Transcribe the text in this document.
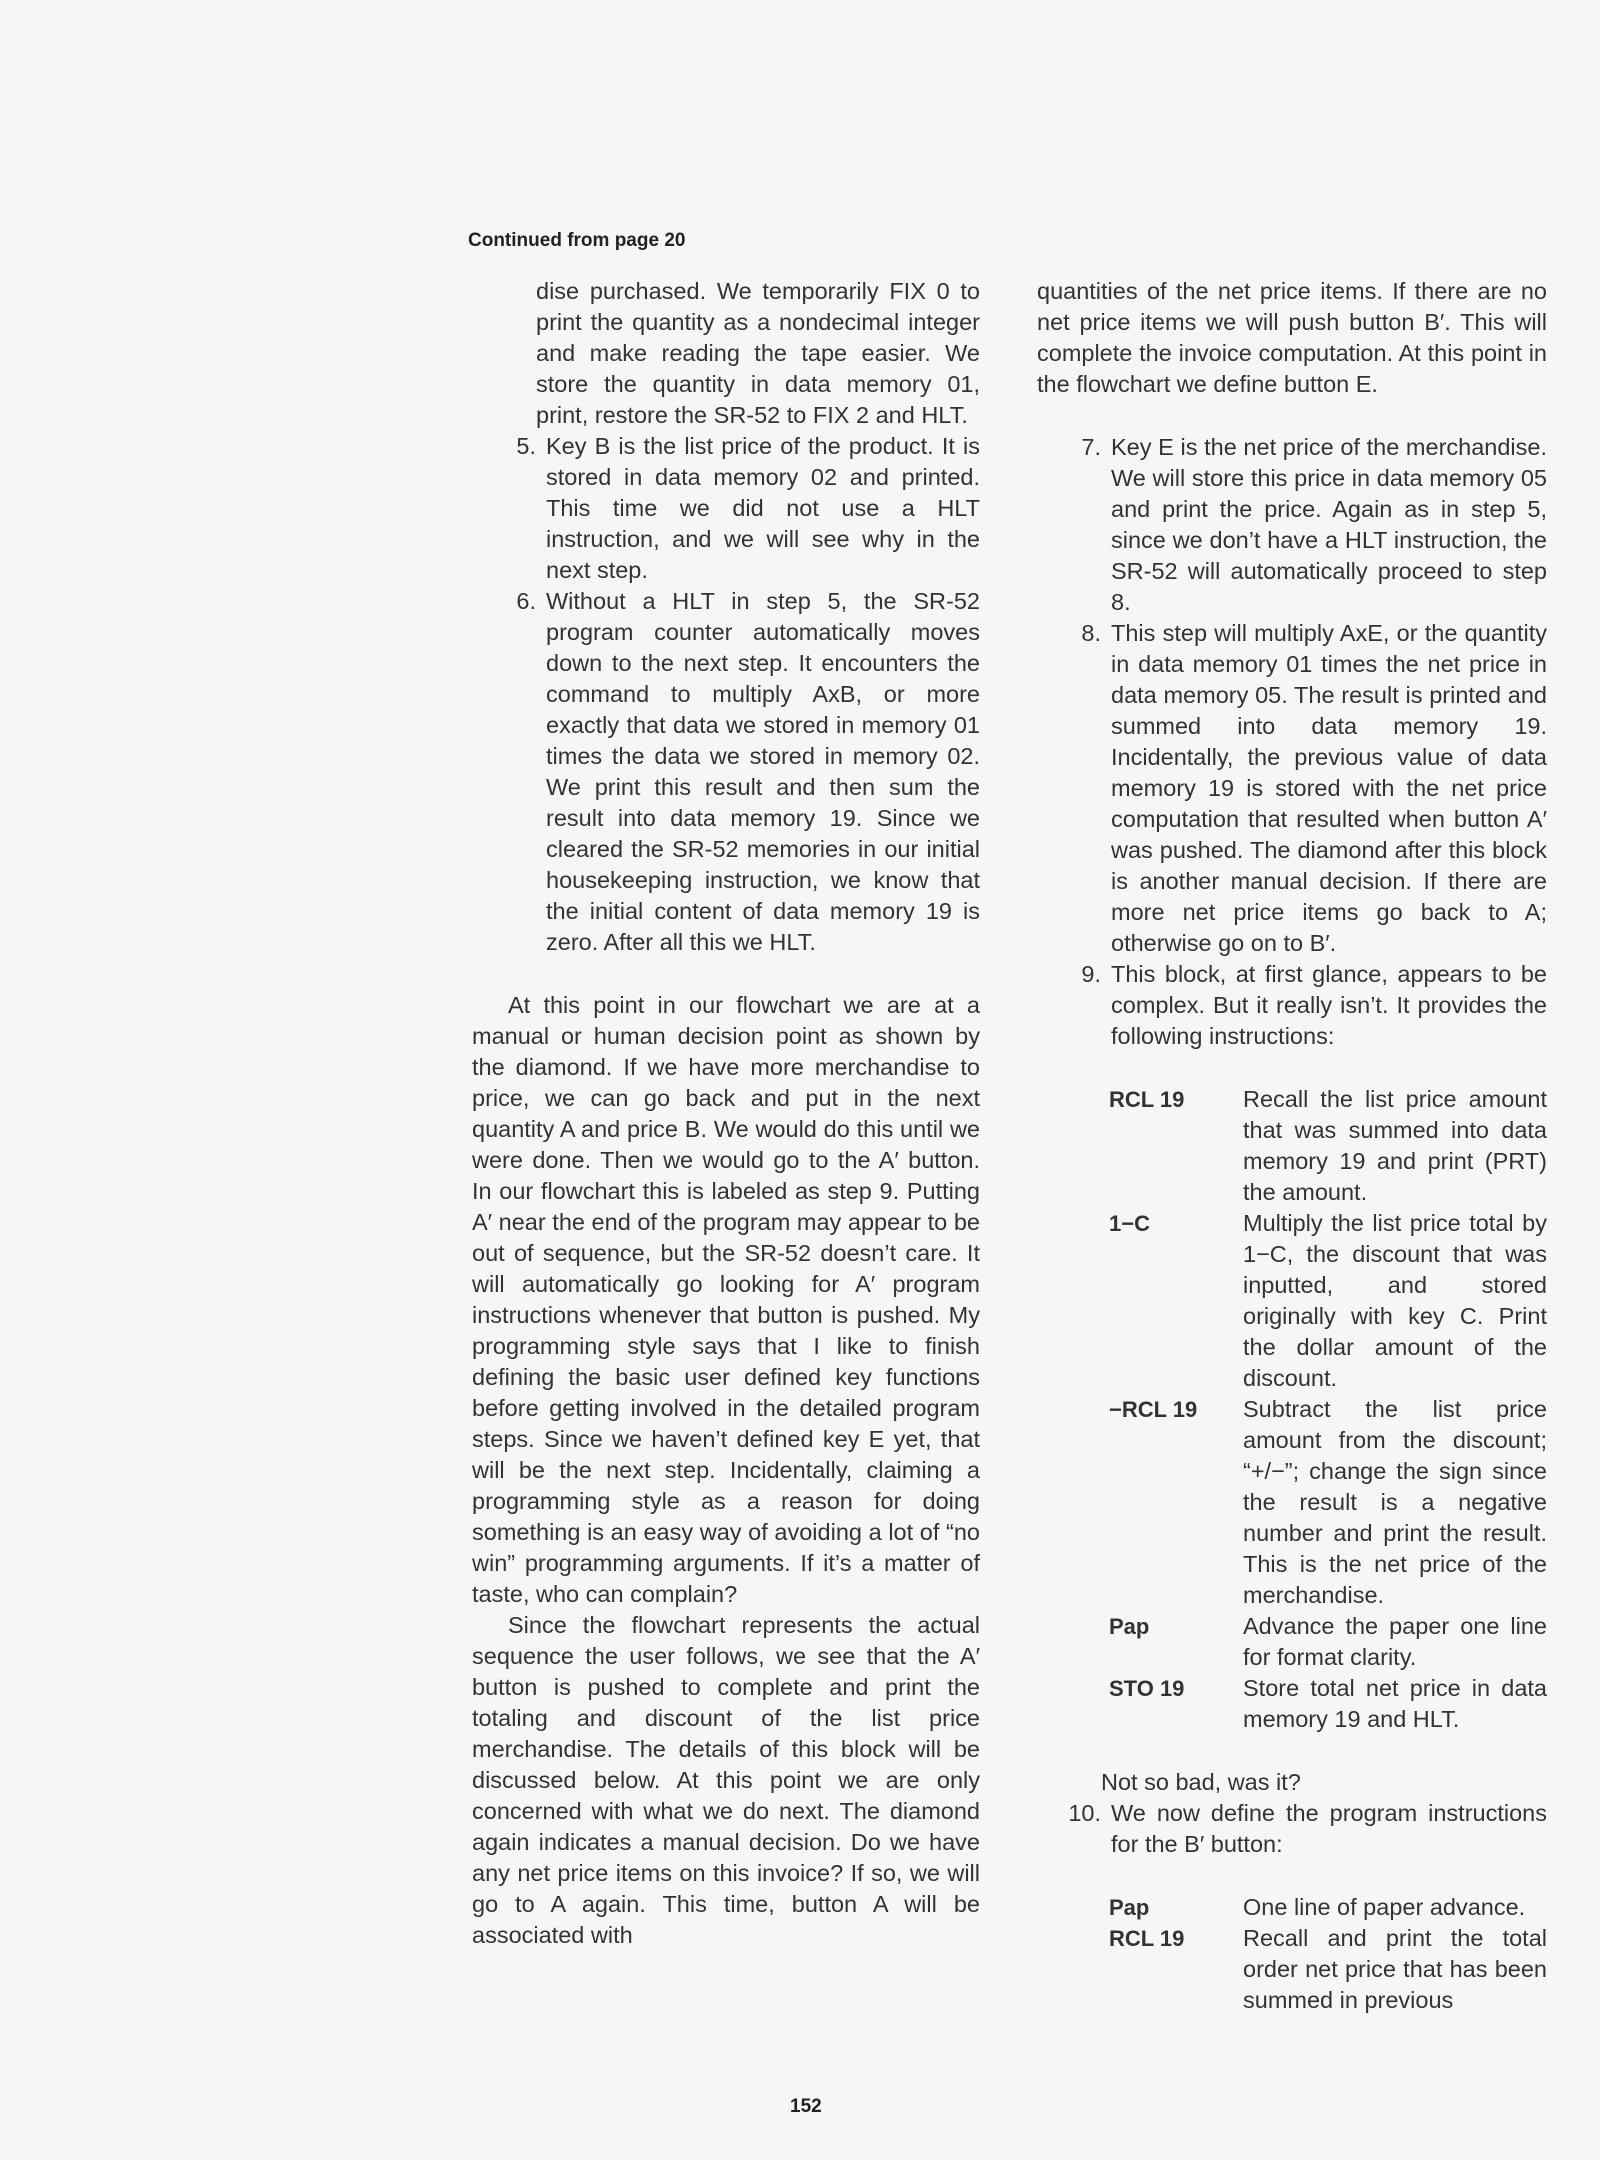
Continued from page 20

dise purchased. We temporarily FIX 0 to print the quantity as a nondecimal integer and make reading the tape easier. We store the quantity in data memory 01, print, restore the SR-52 to FIX 2 and HLT.

5. Key B is the list price of the product. It is stored in data memory 02 and printed. This time we did not use a HLT instruction, and we will see why in the next step.
6. Without a HLT in step 5, the SR-52 program counter automatically moves down to the next step. It encounters the command to multiply AxB, or more exactly that data we stored in memory 01 times the data we stored in memory 02. We print this result and then sum the result into data memory 19. Since we cleared the SR-52 memories in our initial housekeeping instruction, we know that the initial content of data memory 19 is zero. After all this we HLT.

At this point in our flowchart we are at a manual or human decision point as shown by the diamond. If we have more merchandise to price, we can go back and put in the next quantity A and price B. We would do this until we were done. Then we would go to the A′ button. In our flowchart this is labeled as step 9. Putting A′ near the end of the program may appear to be out of sequence, but the SR-52 doesn’t care. It will automatically go looking for A′ program instructions whenever that button is pushed. My programming style says that I like to finish defining the basic user defined key functions before getting involved in the detailed program steps. Since we haven’t defined key E yet, that will be the next step. Incidentally, claiming a programming style as a reason for doing something is an easy way of avoiding a lot of “no win” programming arguments. If it’s a matter of taste, who can complain?

Since the flowchart represents the actual sequence the user follows, we see that the A′ button is pushed to complete and print the totaling and discount of the list price merchandise. The details of this block will be discussed below. At this point we are only concerned with what we do next. The diamond again indicates a manual decision. Do we have any net price items on this invoice? If so, we will go to A again. This time, button A will be associated with

quantities of the net price items. If there are no net price items we will push button B′. This will complete the invoice computation. At this point in the flowchart we define button E.

7. Key E is the net price of the merchandise. We will store this price in data memory 05 and print the price. Again as in step 5, since we don’t have a HLT instruction, the SR-52 will automatically proceed to step 8.
8. This step will multiply AxE, or the quantity in data memory 01 times the net price in data memory 05. The result is printed and summed into data memory 19. Incidentally, the previous value of data memory 19 is stored with the net price computation that resulted when button A′ was pushed. The diamond after this block is another manual decision. If there are more net price items go back to A; otherwise go on to B′.
9. This block, at first glance, appears to be complex. But it really isn’t. It provides the following instructions:
RCL 19	Recall the list price amount that was summed into data memory 19 and print (PRT) the amount.
1−C	Multiply the list price total by 1−C, the discount that was inputted, and stored originally with key C. Print the dollar amount of the discount.
−RCL 19	Subtract the list price amount from the discount; “+/−”; change the sign since the result is a negative number and print the result. This is the net price of the merchandise.
Pap	Advance the paper one line for format clarity.
STO 19	Store total net price in data memory 19 and HLT.

Not so bad, was it?

10. We now define the program instructions for the B′ button:
Pap	One line of paper advance.
RCL 19	Recall and print the total order net price that has been summed in previous
152
